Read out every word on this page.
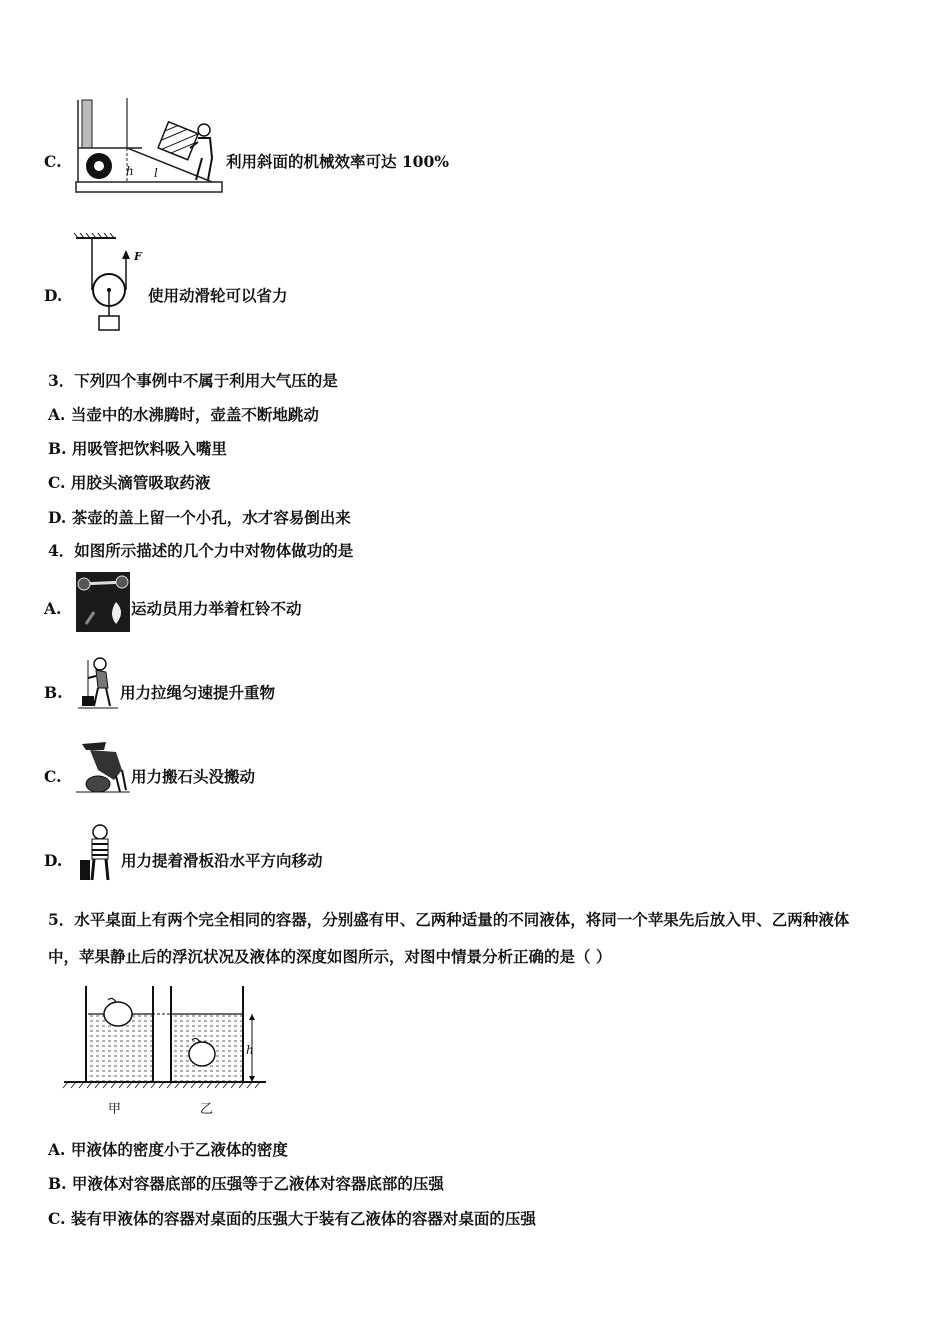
C.	h l
利用斜面的机械效率可达 100%
D.
F
使用动滑轮可以省力
3．下列四个事例中不属于利用大气压的是
A. 当壶中的水沸腾时，壶盖不断地跳动
B. 用吸管把饮料吸入嘴里
C. 用胶头滴管吸取药液
D. 茶壶的盖上留一个小孔，水才容易倒出来
4．如图所示描述的几个力中对物体做功的是
A.	运动员用力举着杠铃不动
B.	用力拉绳匀速提升重物
C.	用力搬石头没搬动
D.	用力提着滑板沿水平方向移动
5．水平桌面上有两个完全相同的容器，分别盛有甲、乙两种适量的不同液体，将同一个苹果先后放入甲、乙两种液体
中，苹果静止后的浮沉状况及液体的深度如图所示，对图中情景分析正确的是（ ）
h
甲	乙
A. 甲液体的密度小于乙液体的密度
B. 甲液体对容器底部的压强等于乙液体对容器底部的压强
C. 装有甲液体的容器对桌面的压强大于装有乙液体的容器对桌面的压强
